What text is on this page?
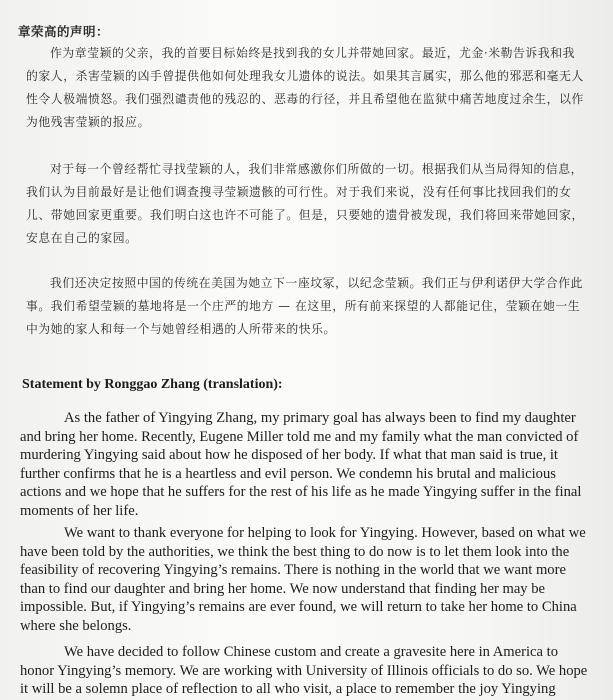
章荣高的声明：

作为章莹颖的父亲，我的首要目标始终是找到我的女儿并带她回家。最近，尤金·米勒告诉我和我的家人，杀害莹颖的凶手曾提供他如何处理我女儿遗体的说法。如果其言属实，那么他的邪恶和毫无人性令人极端愤怒。我们强烈谴责他的残忍的、恶毒的行径，并且希望他在监狱中痛苦地度过余生，以作为他残害莹颖的报应。

对于每一个曾经帮忙寻找莹颖的人，我们非常感激你们所做的一切。根据我们从当局得知的信息，我们认为目前最好是让他们调查搜寻莹颖遗骸的可行性。对于我们来说，没有任何事比找回我们的女儿、带她回家更重要。我们明白这也许不可能了。但是，只要她的遗骨被发现，我们将回来带她回家，安息在自己的家园。

我们还决定按照中国的传统在美国为她立下一座坟冢，以纪念莹颖。我们正与伊利诺伊大学合作此事。我们希望莹颖的墓地将是一个庄严的地方 — 在这里，所有前来探望的人都能记住，莹颖在她一生中为她的家人和每一个与她曾经相遇的人所带来的快乐。

Statement by Ronggao Zhang (translation):

As the father of Yingying Zhang, my primary goal has always been to find my daughter and bring her home. Recently, Eugene Miller told me and my family what the man convicted of murdering Yingying said about how he disposed of her body. If what that man said is true, it further confirms that he is a heartless and evil person. We condemn his brutal and malicious actions and we hope that he suffers for the rest of his life as he made Yingying suffer in the final moments of her life.

We want to thank everyone for helping to look for Yingying. However, based on what we have been told by the authorities, we think the best thing to do now is to let them look into the feasibility of recovering Yingying’s remains. There is nothing in the world that we want more than to find our daughter and bring her home. We now understand that finding her may be impossible. But, if Yingying’s remains are ever found, we will return to take her home to China where she belongs.

We have decided to follow Chinese custom and create a gravesite here in America to honor Yingying’s memory. We are working with University of Illinois officials to do so. We hope it will be a solemn place of reflection to all who visit, a place to remember the joy Yingying
